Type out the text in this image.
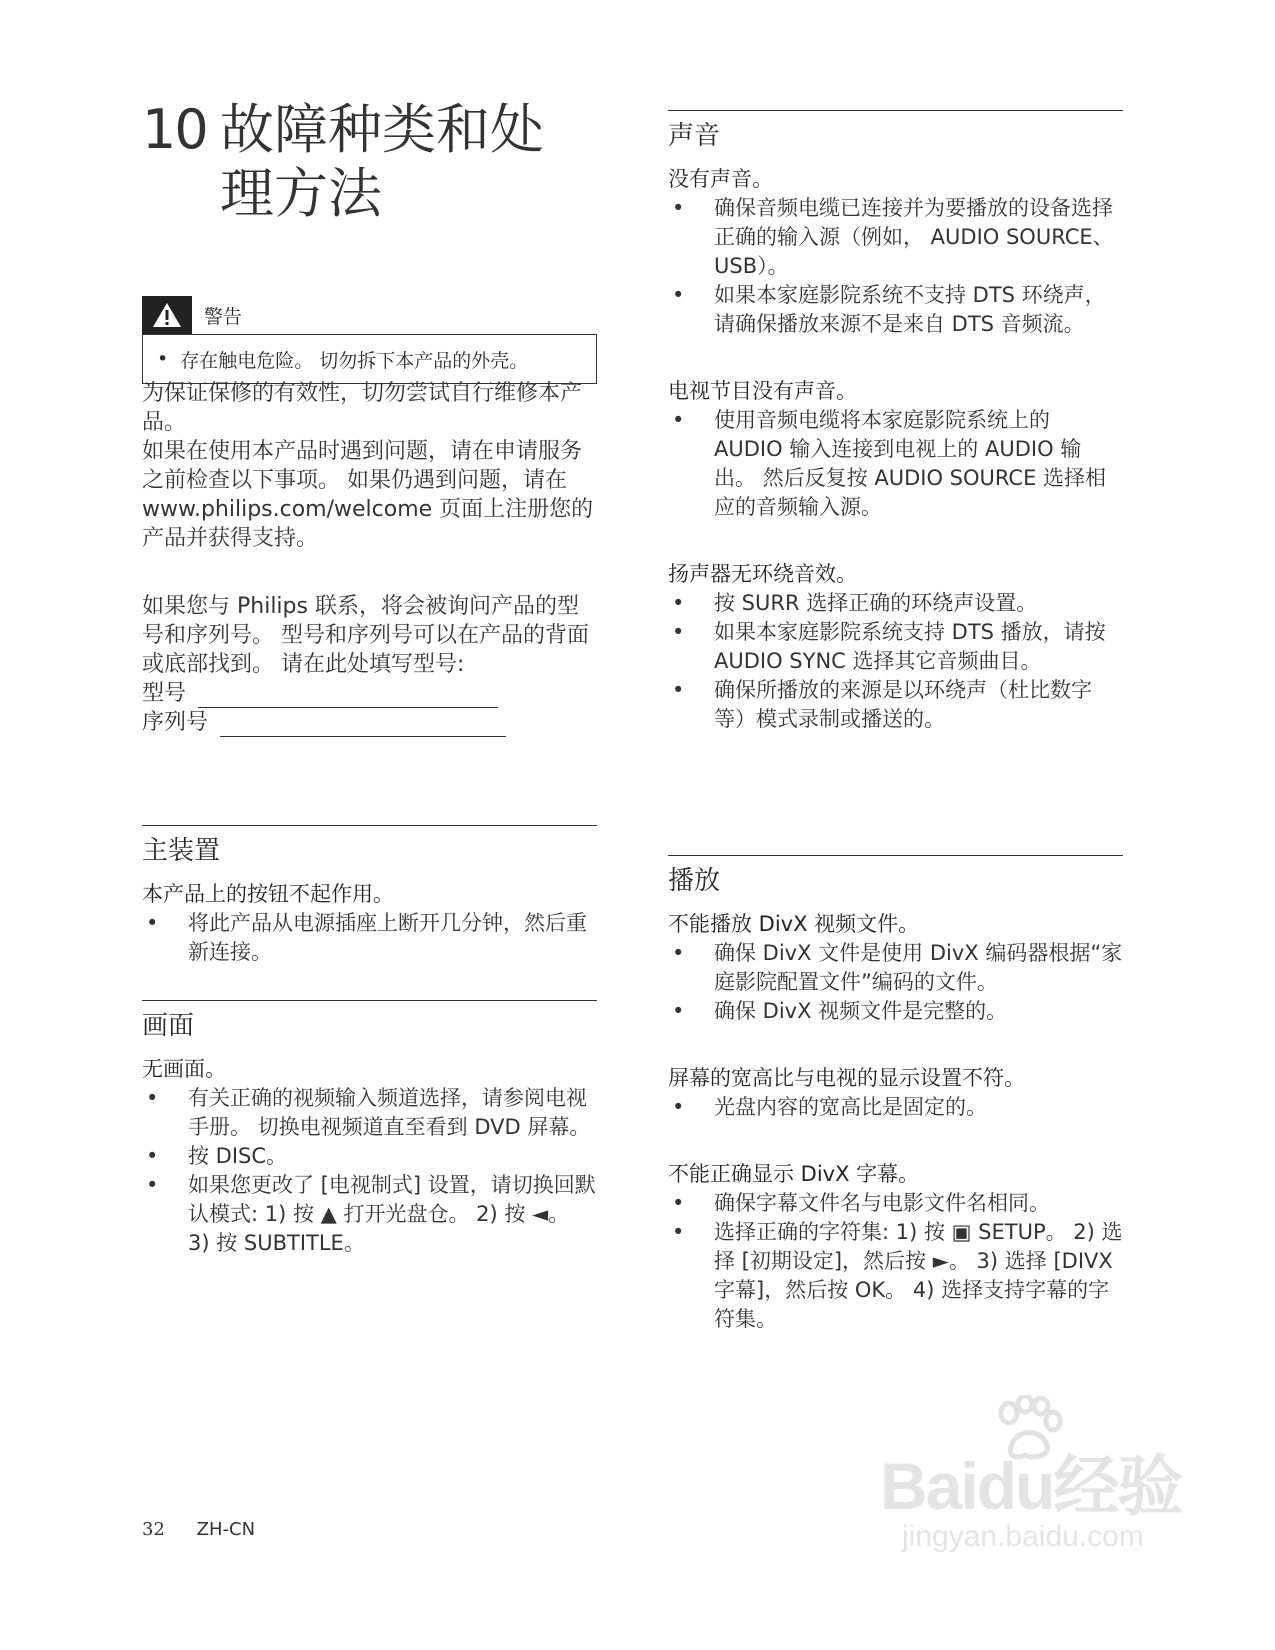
10 故障种类和处理方法
警告
• 存在触电危险。 切勿拆下本产品的外壳。

为保证保修的有效性，切勿尝试自行维修本产品。

如果在使用本产品时遇到问题，请在申请服务之前检查以下事项。 如果仍遇到问题，请在 www.philips.com/welcome 页面上注册您的产品并获得支持。

如果您与 Philips 联系，将会被询问产品的型号和序列号。 型号和序列号可以在产品的背面或底部找到。 请在此处填写型号:

型号
序列号
主装置
本产品上的按钮不起作用。
• 将此产品从电源插座上断开几分钟，然后重新连接。
画面
无画面。
• 有关正确的视频输入频道选择，请参阅电视手册。 切换电视频道直至看到 DVD 屏幕。
• 按 DISC。
• 如果您更改了 [电视制式] 设置，请切换回默认模式: 1) 按 ▲ 打开光盘仓。 2) 按 ◄。 3) 按 SUBTITLE。
声音
没有声音。
• 确保音频电缆已连接并为要播放的设备选择正确的输入源（例如， AUDIO SOURCE、USB）。
• 如果本家庭影院系统不支持 DTS 环绕声，请确保播放来源不是来自 DTS 音频流。
电视节目没有声音。
• 使用音频电缆将本家庭影院系统上的 AUDIO 输入连接到电视上的 AUDIO 输出。 然后反复按 AUDIO SOURCE 选择相应的音频输入源。
扬声器无环绕音效。
• 按 SURR 选择正确的环绕声设置。
• 如果本家庭影院系统支持 DTS 播放，请按 AUDIO SYNC 选择其它音频曲目。
• 确保所播放的来源是以环绕声（杜比数字等）模式录制或播送的。
播放
不能播放 DivX 视频文件。
• 确保 DivX 文件是使用 DivX 编码器根据“家庭影院配置文件”编码的文件。
• 确保 DivX 视频文件是完整的。
屏幕的宽高比与电视的显示设置不符。
• 光盘内容的宽高比是固定的。
不能正确显示 DivX 字幕。
• 确保字幕文件名与电影文件名相同。
• 选择正确的字符集: 1) 按 ▣ SETUP。 2) 选择 [初期设定]，然后按 ►。 3) 选择 [DIVX 字幕]，然后按 OK。 4) 选择支持字幕的字符集。
32 ZH-CN
Baidu经验
jingyan.baidu.com
